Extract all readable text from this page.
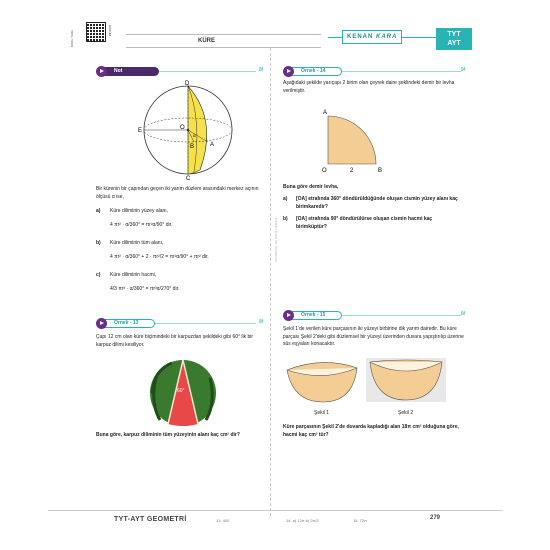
KODU TARA	ÇÖZÜM
KÜRE
KENAN KARA	TYT
AYT
Kenan Kara ile Geometri
Not	ᘛ
D
E	O
A
B
C
α
Bir kürenin bir çapından geçen iki yarım düzlem arasındaki merkez açının ölçüsü α ise,
a) Küre diliminin yüzey alanı,
4 πr² · α/360° = πr²α/90° dir.
b) Küre diliminin tüm alanı,
4 πr² · α/360° + 2 · πr²/2 = πr²α/90° + πr² dir.
c) Küre diliminin hacmi,
4/3 πr³ · α/360° = πr³α/270° dir.
Örnek - 13	ᘛ
Çapı 12 cm olan küre biçimindeki bir karpuzdan şekildeki gibi 60° lik bir karpuz dilimi kesiliyor.
60°
Buna göre, karpuz diliminin tüm yüzeyinin alanı kaç cm² dir?
Örnek - 14	ᘛ
Aşağıdaki şekilde yarıçapı 2 birim olan çeyrek daire şeklindeki demir bir levha verilmiştir.
A
O	2	B
Buna göre demir levha,
a) [OA] etrafında 360° döndürüldüğünde oluşan cismin yüzey alanı kaç birimkaredir?
b) [OA] etrafında 90° döndürülürse oluşan cismin hacmi kaç birimküptür?
Örnek - 15	ᘛ
Şekil 1'de verilen küre parçasının iki yüzeyi birbirine dik yarım dairedir. Bu küre parçası Şekil 2'deki gibi düzlemsel bir yüzeyi üzerinden duvara yapıştırılıp üzerine süs eşyaları konacaktır.
Şekil 1	Şekil 2
Küre parçasının Şekil 2'de duvarda kapladığı alan 18π cm² olduğuna göre, hacmi kaç cm³ tür?
TYT-AYT GEOMETRİ	13. 400	14. a) 12π b) 2π/3	15. 72π	279
